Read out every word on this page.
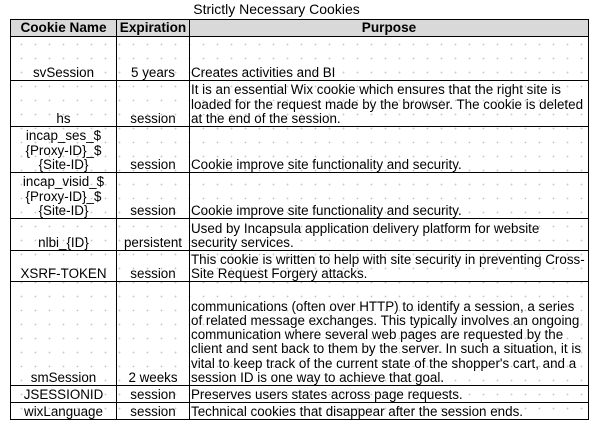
Strictly Necessary Cookies
Cookie Name	Expiration	Purpose

svSession	5 years	Creates activities and BI

hs	session	It is an essential Wix cookie which ensures that the right site is loaded for the request made by the browser. The cookie is deleted at the end of the session.

incap_ses_$
{Proxy-ID}_$
{Site-ID}	session	Cookie improve site functionality and security.

incap_visid_$
{Proxy-ID}_$
{Site-ID}	session	Cookie improve site functionality and security.

nlbi_{ID}	persistent	Used by Incapsula application delivery platform for website security services.

XSRF-TOKEN	session	This cookie is written to help with site security in preventing Cross-Site Request Forgery attacks.

smSession	2 weeks	communications (often over HTTP) to identify a session, a series of related message exchanges. This typically involves an ongoing communication where several web pages are requested by the client and sent back to them by the server. In such a situation, it is vital to keep track of the current state of the shopper's cart, and a session ID is one way to achieve that goal.

JSESSIONID	session	Preserves users states across page requests.

wixLanguage	session	Technical cookies that disappear after the session ends.
